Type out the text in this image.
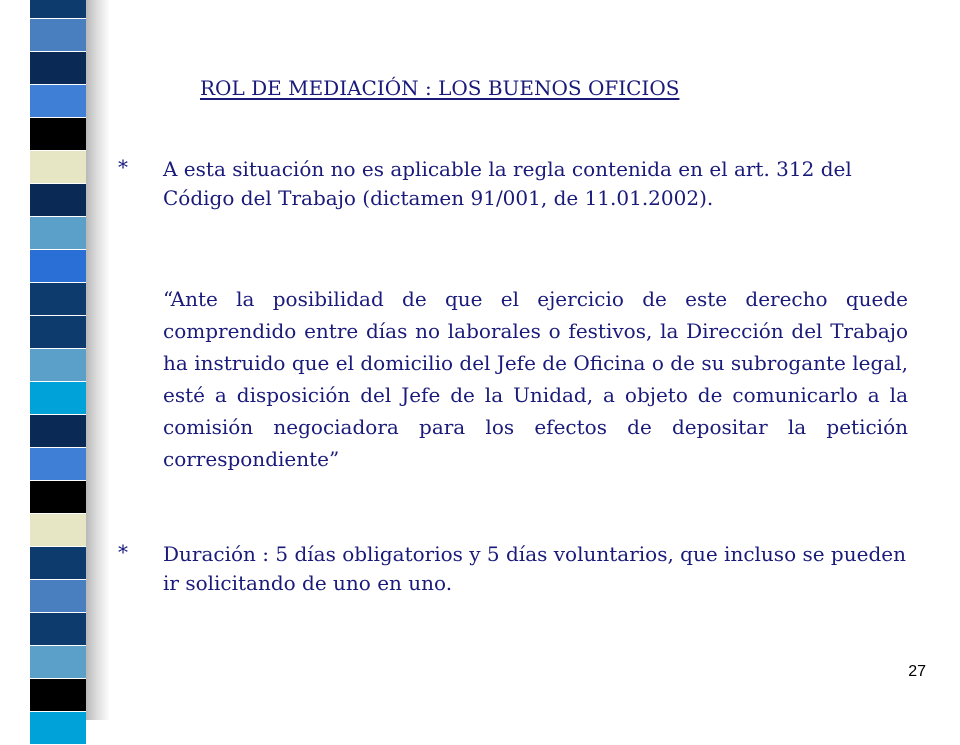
ROL DE MEDIACIÓN : LOS BUENOS OFICIOS
* A esta situación no es aplicable la regla contenida en el art. 312 del Código del Trabajo (dictamen 91/001, de 11.01.2002).
“Ante la posibilidad de que el ejercicio de este derecho quede comprendido entre días no laborales o festivos, la Dirección del Trabajo ha instruido que el domicilio del Jefe de Oficina o de su subrogante legal, esté a disposición del Jefe de la Unidad, a objeto de comunicarlo a la comisión negociadora para los efectos de depositar la petición correspondiente”
* Duración : 5 días obligatorios y 5 días voluntarios, que incluso se pueden ir solicitando de uno en uno.
27
